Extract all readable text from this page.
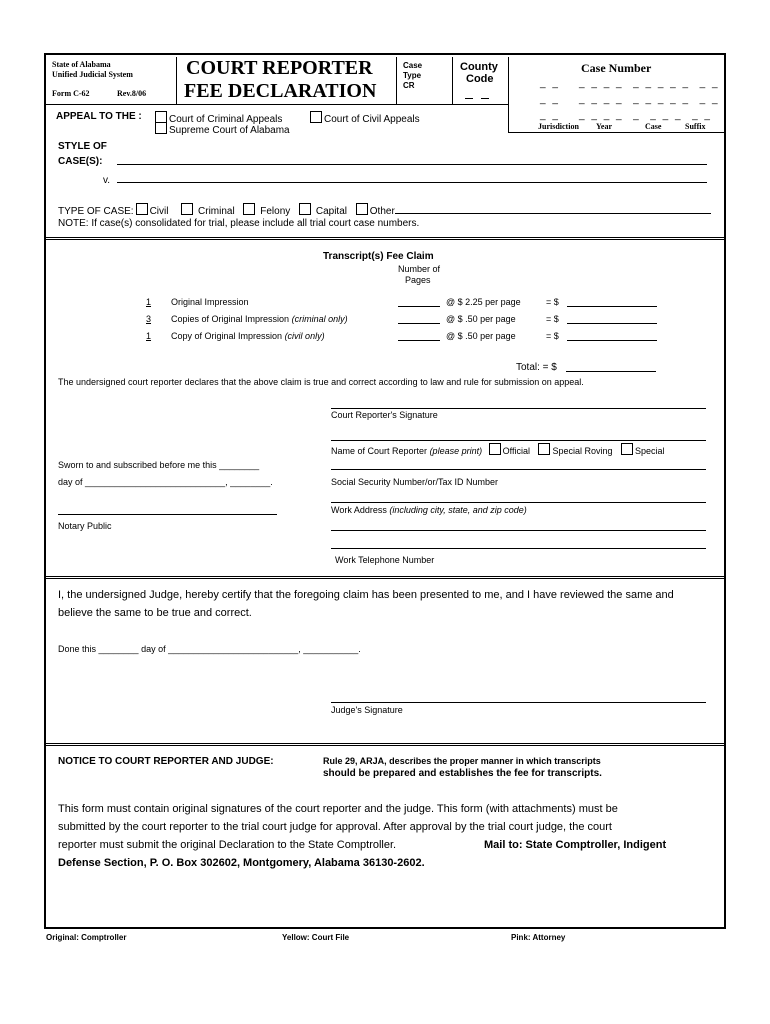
State of Alabama
Unified Judicial System
Form C-62	Rev.8/06
COURT REPORTER
FEE DECLARATION
Case
Type
CR
County
Code
Case Number
_ _    _ _ _ _  _ _ _ _ _  _ _
_ _    _ _ _ _  _ _ _ _ _  _ _
_ _    _ _ _ _  _  _ _ _  _ _
Jurisdiction Year	Case	Suffix
APPEAL TO THE :	Court of Criminal Appeals
Supreme Court of Alabama
Court of Civil Appeals
STYLE OF
CASE(S):
v.
TYPE OF CASE: Civil	Criminal	Felony	Capital Other
NOTE: If case(s) consolidated for trial, please include all trial court case numbers.
Transcript(s) Fee Claim
Number of
Pages
1 Original Impression	@ $ 2.25 per page	= $
3 Copies of Original Impression (criminal only)	@ $ .50 per page	= $
1 Copy of Original Impression (civil only)	@ $ .50 per page	= $
Total: = $
The undersigned court reporter declares that the above claim is true and correct according to law and rule for submission on appeal.
Court Reporter's Signature
Name of Court Reporter (please print) Official	Special Roving	Special
Social Security Number/or/Tax ID Number
Work Address (including city, state, and zip code)
Work Telephone Number
Sworn to and subscribed before me this ________
day of ____________________________, ________.
Notary Public
I, the undersigned Judge, hereby certify that the foregoing claim has been presented to me, and I have reviewed the same and
believe the same to be true and correct.
Done this ________ day of __________________________, ___________.
Judge's Signature
NOTICE TO COURT REPORTER AND JUDGE:	Rule 29, ARJA, describes the proper manner in which transcripts
should be prepared and establishes the fee for transcripts.
This form must contain original signatures of the court reporter and the judge. This form (with attachments) must be
submitted by the court reporter to the trial court judge for approval. After approval by the trial court judge, the court
reporter must submit the original Declaration to the State Comptroller.	Mail to: State Comptroller, Indigent
Defense Section, P. O. Box 302602, Montgomery, Alabama 36130-2602.
Original: Comptroller	Yellow: Court File	Pink: Attorney
